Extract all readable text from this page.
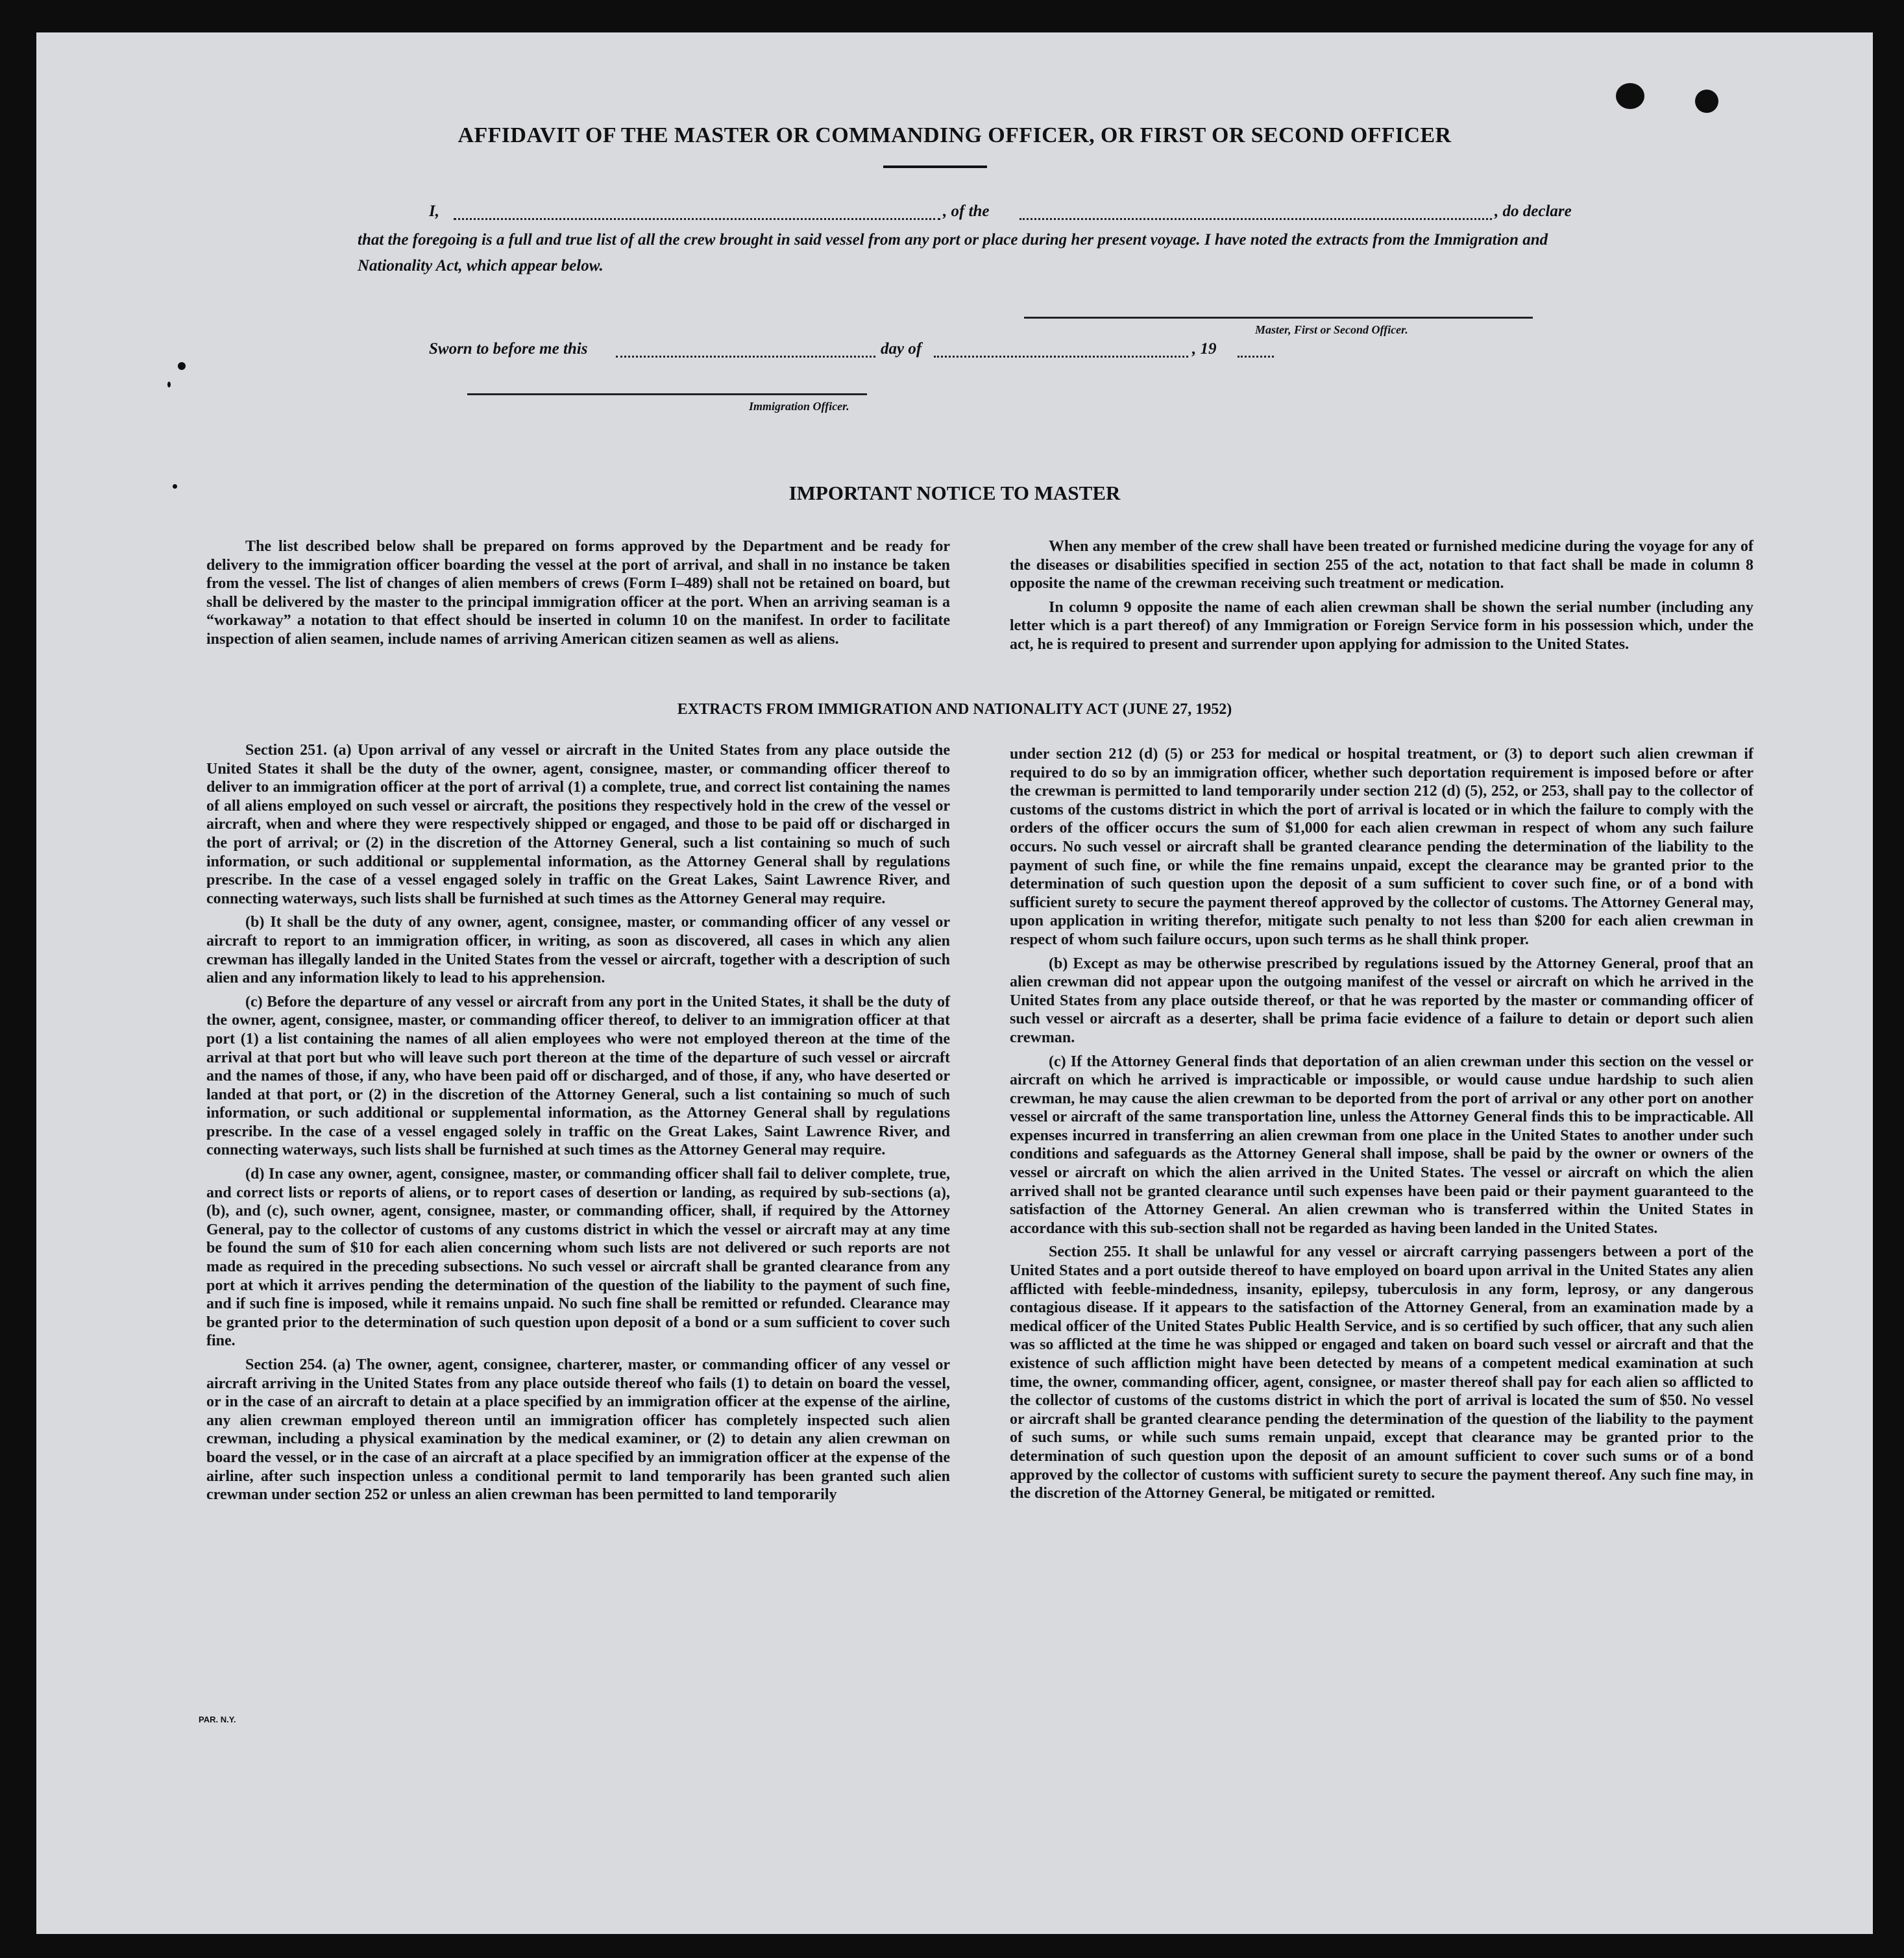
AFFIDAVIT OF THE MASTER OR COMMANDING OFFICER, OR FIRST OR SECOND OFFICER
I,	, of the	, do declare
that the foregoing is a full and true list of all the crew brought in said vessel from any port or place during her present voyage. I have noted the extracts from the Immigration and Nationality Act, which appear below.
Master, First or Second Officer.
Sworn to before me this	day of	, 19
Immigration Officer.
IMPORTANT NOTICE TO MASTER

The list described below shall be prepared on forms approved by the Department and be ready for delivery to the immigration officer boarding the vessel at the port of arrival, and shall in no instance be taken from the vessel. The list of changes of alien members of crews (Form I–489) shall not be retained on board, but shall be delivered by the master to the principal immigration officer at the port. When an arriving seaman is a “workaway” a notation to that effect should be inserted in column 10 on the manifest. In order to facilitate inspection of alien seamen, include names of arriving American citizen seamen as well as aliens.

When any member of the crew shall have been treated or furnished medicine during the voyage for any of the diseases or disabilities specified in section 255 of the act, notation to that fact shall be made in column 8 opposite the name of the crewman receiving such treatment or medication.

In column 9 opposite the name of each alien crewman shall be shown the serial number (including any letter which is a part thereof) of any Immigration or Foreign Service form in his possession which, under the act, he is required to present and surrender upon applying for admission to the United States.

EXTRACTS FROM IMMIGRATION AND NATIONALITY ACT (JUNE 27, 1952)

Section 251. (a) Upon arrival of any vessel or aircraft in the United States from any place outside the United States it shall be the duty of the owner, agent, consignee, master, or commanding officer thereof to deliver to an immigration officer at the port of arrival (1) a complete, true, and correct list containing the names of all aliens employed on such vessel or aircraft, the positions they respectively hold in the crew of the vessel or aircraft, when and where they were respectively shipped or engaged, and those to be paid off or discharged in the port of arrival; or (2) in the discretion of the Attorney General, such a list containing so much of such information, or such additional or supplemental information, as the Attorney General shall by regulations prescribe. In the case of a vessel engaged solely in traffic on the Great Lakes, Saint Lawrence River, and connecting waterways, such lists shall be furnished at such times as the Attorney General may require.

(b) It shall be the duty of any owner, agent, consignee, master, or commanding officer of any vessel or aircraft to report to an immigration officer, in writing, as soon as discovered, all cases in which any alien crewman has illegally landed in the United States from the vessel or aircraft, together with a description of such alien and any information likely to lead to his apprehension.

(c) Before the departure of any vessel or aircraft from any port in the United States, it shall be the duty of the owner, agent, consignee, master, or commanding officer thereof, to deliver to an immigration officer at that port (1) a list containing the names of all alien employees who were not employed thereon at the time of the arrival at that port but who will leave such port thereon at the time of the departure of such vessel or aircraft and the names of those, if any, who have been paid off or discharged, and of those, if any, who have deserted or landed at that port, or (2) in the discretion of the Attorney General, such a list containing so much of such information, or such additional or supplemental information, as the Attorney General shall by regulations prescribe. In the case of a vessel engaged solely in traffic on the Great Lakes, Saint Lawrence River, and connecting waterways, such lists shall be furnished at such times as the Attorney General may require.

(d) In case any owner, agent, consignee, master, or commanding officer shall fail to deliver complete, true, and correct lists or reports of aliens, or to report cases of desertion or landing, as required by sub-sections (a), (b), and (c), such owner, agent, consignee, master, or commanding officer, shall, if required by the Attorney General, pay to the collector of customs of any customs district in which the vessel or aircraft may at any time be found the sum of $10 for each alien concerning whom such lists are not delivered or such reports are not made as required in the preceding subsections. No such vessel or aircraft shall be granted clearance from any port at which it arrives pending the determination of the question of the liability to the payment of such fine, and if such fine is imposed, while it remains unpaid. No such fine shall be remitted or refunded. Clearance may be granted prior to the determination of such question upon deposit of a bond or a sum sufficient to cover such fine.

Section 254. (a) The owner, agent, consignee, charterer, master, or commanding officer of any vessel or aircraft arriving in the United States from any place outside thereof who fails (1) to detain on board the vessel, or in the case of an aircraft to detain at a place specified by an immigration officer at the expense of the airline, any alien crewman employed thereon until an immigration officer has completely inspected such alien crewman, including a physical examination by the medical examiner, or (2) to detain any alien crewman on board the vessel, or in the case of an aircraft at a place specified by an immigration officer at the expense of the airline, after such inspection unless a conditional permit to land temporarily has been granted such alien crewman under section 252 or unless an alien crewman has been permitted to land temporarily

under section 212 (d) (5) or 253 for medical or hospital treatment, or (3) to deport such alien crewman if required to do so by an immigration officer, whether such deportation requirement is imposed before or after the crewman is permitted to land temporarily under section 212 (d) (5), 252, or 253, shall pay to the collector of customs of the customs district in which the port of arrival is located or in which the failure to comply with the orders of the officer occurs the sum of $1,000 for each alien crewman in respect of whom any such failure occurs. No such vessel or aircraft shall be granted clearance pending the determination of the liability to the payment of such fine, or while the fine remains unpaid, except the clearance may be granted prior to the determination of such question upon the deposit of a sum sufficient to cover such fine, or of a bond with sufficient surety to secure the payment thereof approved by the collector of customs. The Attorney General may, upon application in writing therefor, mitigate such penalty to not less than $200 for each alien crewman in respect of whom such failure occurs, upon such terms as he shall think proper.

(b) Except as may be otherwise prescribed by regulations issued by the Attorney General, proof that an alien crewman did not appear upon the outgoing manifest of the vessel or aircraft on which he arrived in the United States from any place outside thereof, or that he was reported by the master or commanding officer of such vessel or aircraft as a deserter, shall be prima facie evidence of a failure to detain or deport such alien crewman.

(c) If the Attorney General finds that deportation of an alien crewman under this section on the vessel or aircraft on which he arrived is impracticable or impossible, or would cause undue hardship to such alien crewman, he may cause the alien crewman to be deported from the port of arrival or any other port on another vessel or aircraft of the same transportation line, unless the Attorney General finds this to be impracticable. All expenses incurred in transferring an alien crewman from one place in the United States to another under such conditions and safeguards as the Attorney General shall impose, shall be paid by the owner or owners of the vessel or aircraft on which the alien arrived in the United States. The vessel or aircraft on which the alien arrived shall not be granted clearance until such expenses have been paid or their payment guaranteed to the satisfaction of the Attorney General. An alien crewman who is transferred within the United States in accordance with this sub-section shall not be regarded as having been landed in the United States.

Section 255. It shall be unlawful for any vessel or aircraft carrying passengers between a port of the United States and a port outside thereof to have employed on board upon arrival in the United States any alien afflicted with feeble-mindedness, insanity, epilepsy, tuberculosis in any form, leprosy, or any dangerous contagious disease. If it appears to the satisfaction of the Attorney General, from an examination made by a medical officer of the United States Public Health Service, and is so certified by such officer, that any such alien was so afflicted at the time he was shipped or engaged and taken on board such vessel or aircraft and that the existence of such affliction might have been detected by means of a competent medical examination at such time, the owner, commanding officer, agent, consignee, or master thereof shall pay for each alien so afflicted to the collector of customs of the customs district in which the port of arrival is located the sum of $50. No vessel or aircraft shall be granted clearance pending the determination of the question of the liability to the payment of such sums, or while such sums remain unpaid, except that clearance may be granted prior to the determination of such question upon the deposit of an amount sufficient to cover such sums or of a bond approved by the collector of customs with sufficient surety to secure the payment thereof. Any such fine may, in the discretion of the Attorney General, be mitigated or remitted.

PAR. N.Y.
